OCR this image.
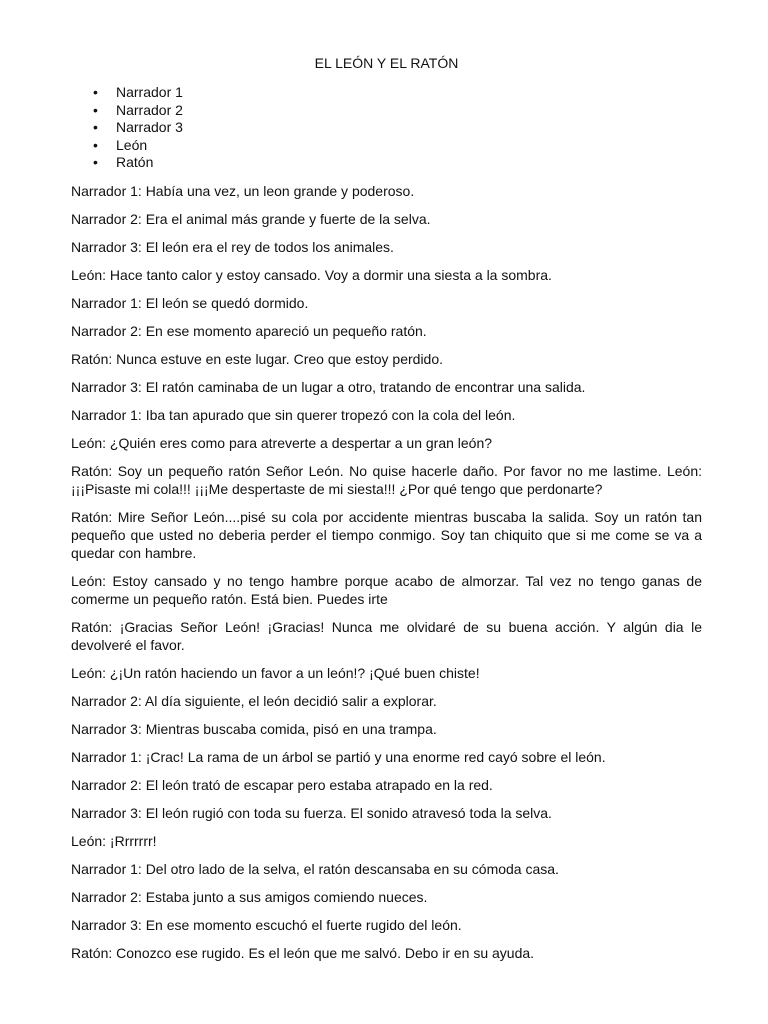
EL LEÓN Y EL RATÓN
• Narrador 1
• Narrador 2
• Narrador 3
• León
• Ratón

Narrador 1: Había una vez, un leon grande y poderoso.

Narrador 2: Era el animal más grande y fuerte de la selva.

Narrador 3: El león era el rey de todos los animales.

León: Hace tanto calor y estoy cansado. Voy a dormir una siesta a la sombra.

Narrador 1: El león se quedó dormido.

Narrador 2: En ese momento apareció un pequeño ratón.

Ratón: Nunca estuve en este lugar. Creo que estoy perdido.

Narrador 3: El ratón caminaba de un lugar a otro, tratando de encontrar una salida.

Narrador 1: Iba tan apurado que sin querer tropezó con la cola del león.

León: ¿Quién eres como para atreverte a despertar a un gran león?

Ratón: Soy un pequeño ratón Señor León. No quise hacerle daño. Por favor no me lastime. León: ¡¡¡Pisaste mi cola!!! ¡¡¡Me despertaste de mi siesta!!! ¿Por qué tengo que perdonarte?

Ratón: Mire Señor León....pisé su cola por accidente mientras buscaba la salida. Soy un ratón tan pequeño que usted no deberia perder el tiempo conmigo. Soy tan chiquito que si me come se va a quedar con hambre.

León: Estoy cansado y no tengo hambre porque acabo de almorzar. Tal vez no tengo ganas de comerme un pequeño ratón. Está bien. Puedes irte

Ratón: ¡Gracias Señor León! ¡Gracias! Nunca me olvidaré de su buena acción. Y algún dia le devolveré el favor.

León: ¿¡Un ratón haciendo un favor a un león!? ¡Qué buen chiste!

Narrador 2: Al día siguiente, el león decidió salir a explorar.

Narrador 3: Mientras buscaba comida, pisó en una trampa.

Narrador 1: ¡Crac! La rama de un árbol se partió y una enorme red cayó sobre el león.

Narrador 2: El león trató de escapar pero estaba atrapado en la red.

Narrador 3: El león rugió con toda su fuerza. El sonido atravesó toda la selva.

León: ¡Rrrrrrr!

Narrador 1: Del otro lado de la selva, el ratón descansaba en su cómoda casa.

Narrador 2: Estaba junto a sus amigos comiendo nueces.

Narrador 3: En ese momento escuchó el fuerte rugido del león.

Ratón: Conozco ese rugido. Es el león que me salvó. Debo ir en su ayuda.
